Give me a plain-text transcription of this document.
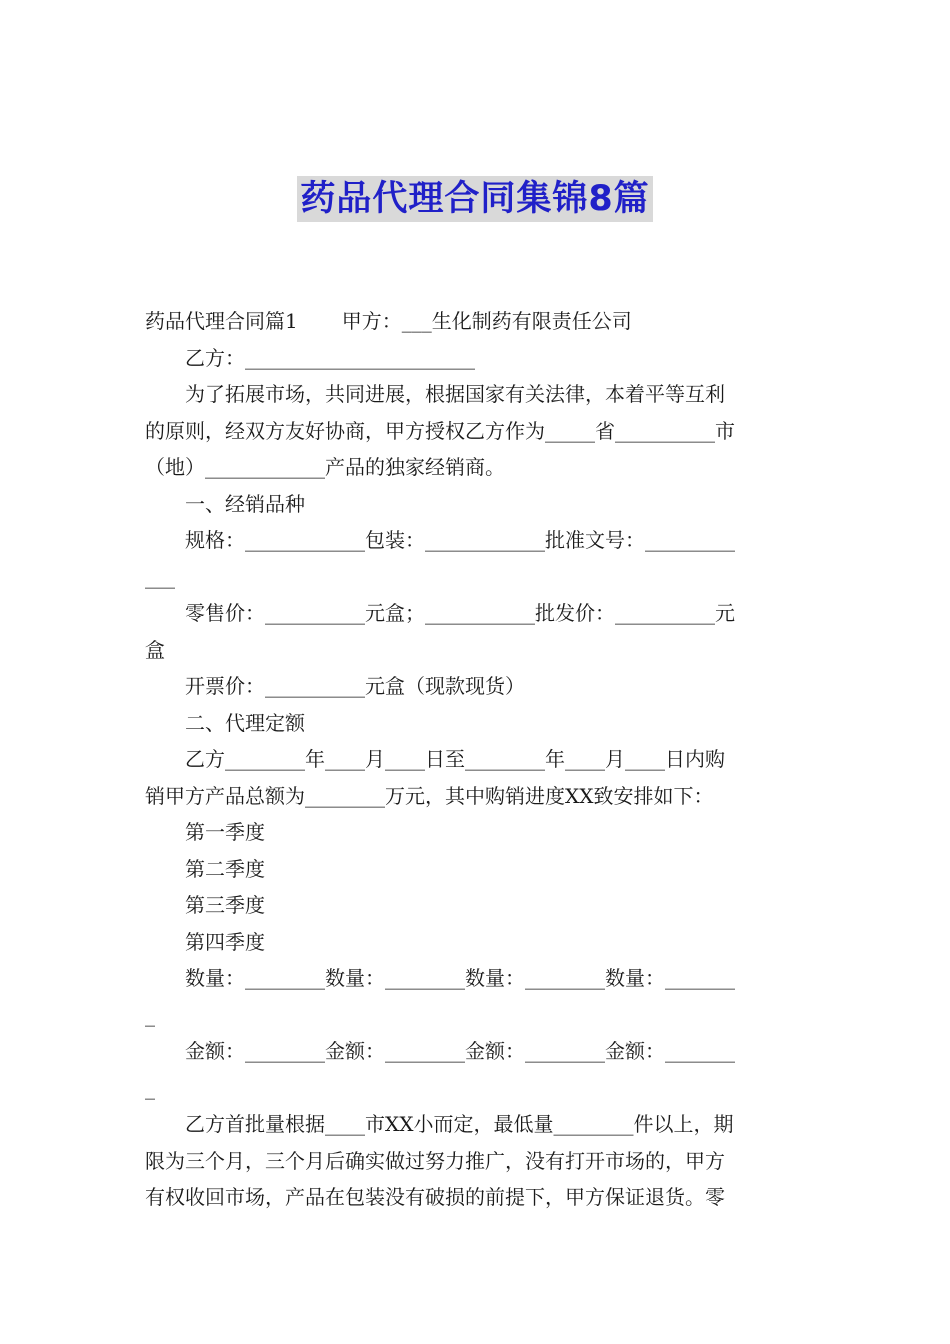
药品代理合同集锦8篇

药品代理合同篇1 甲方：___生化制药有限责任公司

乙方：_______________________

为了拓展市场，共同进展，根据国家有关法律，本着平等互利

的原则，经双方友好协商，甲方授权乙方作为_____省__________市

（地）____________产品的独家经销商。

一、经销品种

规格：____________包装：____________批准文号：_________

___

零售价：__________元盒；___________批发价：__________元

盒

开票价：__________元盒（现款现货）

二、代理定额

乙方________年____月____日至________年____月____日内购

销甲方产品总额为________万元，其中购销进度XX致安排如下：

第一季度

第二季度

第三季度

第四季度

数量：________数量：________数量：________数量：_______

_

金额：________金额：________金额：________金额：_______

_

乙方首批量根据____市XX小而定，最低量________件以上，期

限为三个月，三个月后确实做过努力推广，没有打开市场的，甲方

有权收回市场，产品在包装没有破损的前提下，甲方保证退货。零
